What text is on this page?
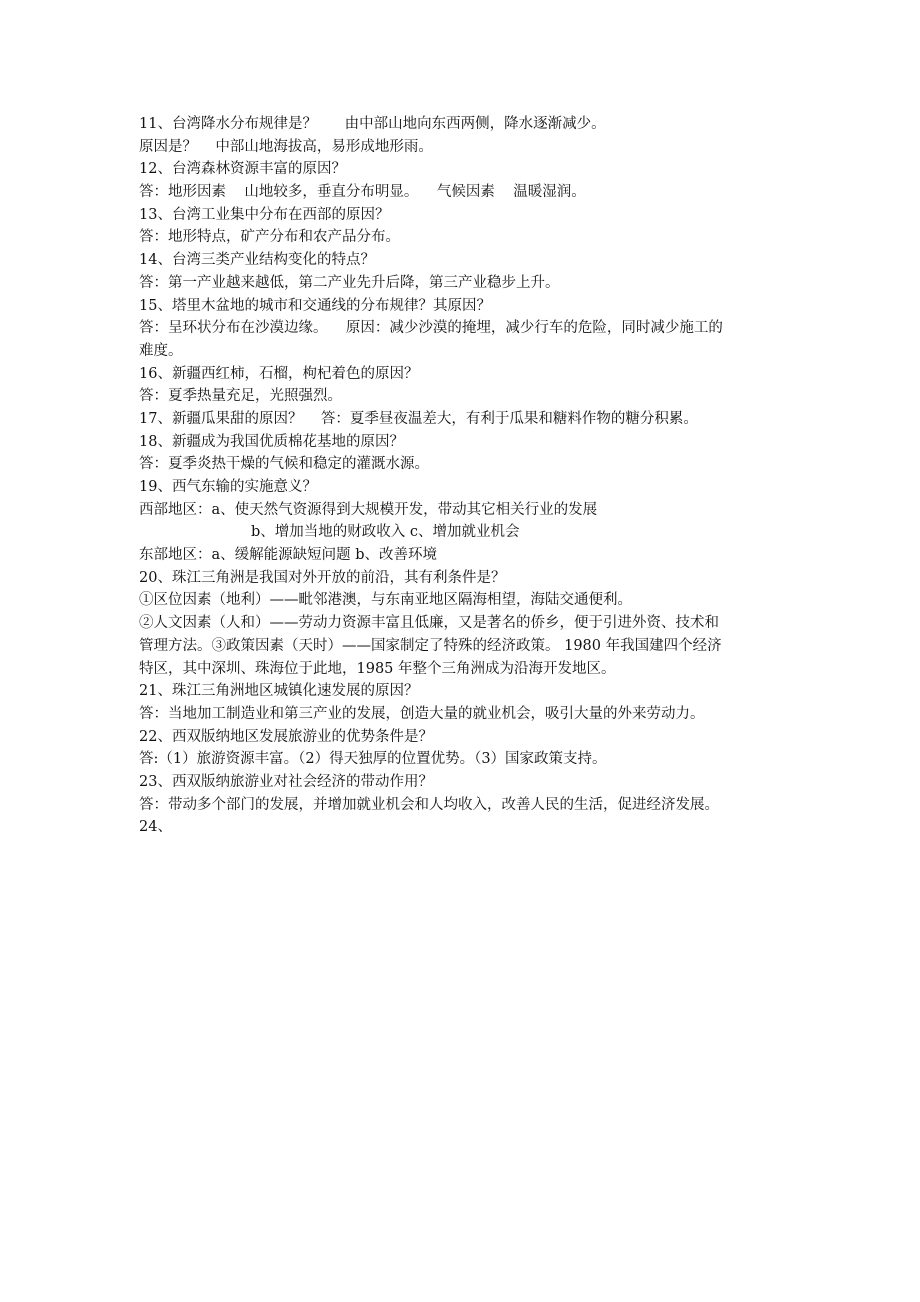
11、台湾降水分布规律是？      由中部山地向东西两侧，降水逐渐减少。
原因是？    中部山地海拔高，易形成地形雨。
12、台湾森林资源丰富的原因？
答：地形因素    山地较多，垂直分布明显。    气候因素    温暖湿润。
13、台湾工业集中分布在西部的原因？
答：地形特点，矿产分布和农产品分布。
14、台湾三类产业结构变化的特点？
答：第一产业越来越低，第二产业先升后降，第三产业稳步上升。
15、塔里木盆地的城市和交通线的分布规律？其原因？
答：呈环状分布在沙漠边缘。    原因：减少沙漠的掩埋，减少行车的危险，同时减少施工的
难度。
16、新疆西红柿，石榴，枸杞着色的原因？
答：夏季热量充足，光照强烈。
17、新疆瓜果甜的原因？    答：夏季昼夜温差大，有利于瓜果和糖料作物的糖分积累。
18、新疆成为我国优质棉花基地的原因？
答：夏季炎热干燥的气候和稳定的灌溉水源。
19、西气东输的实施意义？
西部地区：a、使天然气资源得到大规模开发，带动其它相关行业的发展
b、增加当地的财政收入 c、增加就业机会
东部地区：a、缓解能源缺短问题 b、改善环境
20、珠江三角洲是我国对外开放的前沿，其有利条件是？
①区位因素（地利）——毗邻港澳，与东南亚地区隔海相望，海陆交通便利。
②人文因素（人和）——劳动力资源丰富且低廉，又是著名的侨乡，便于引进外资、技术和
管理方法。③政策因素（天时）——国家制定了特殊的经济政策。 1980 年我国建四个经济
特区，其中深圳、珠海位于此地，1985 年整个三角洲成为沿海开发地区。
21、珠江三角洲地区城镇化速发展的原因？
答：当地加工制造业和第三产业的发展，创造大量的就业机会，吸引大量的外来劳动力。
22、西双版纳地区发展旅游业的优势条件是？
答:（1）旅游资源丰富。（2）得天独厚的位置优势。（3）国家政策支持。
23、西双版纳旅游业对社会经济的带动作用？
答：带动多个部门的发展，并增加就业机会和人均收入，改善人民的生活，促进经济发展。
24、
